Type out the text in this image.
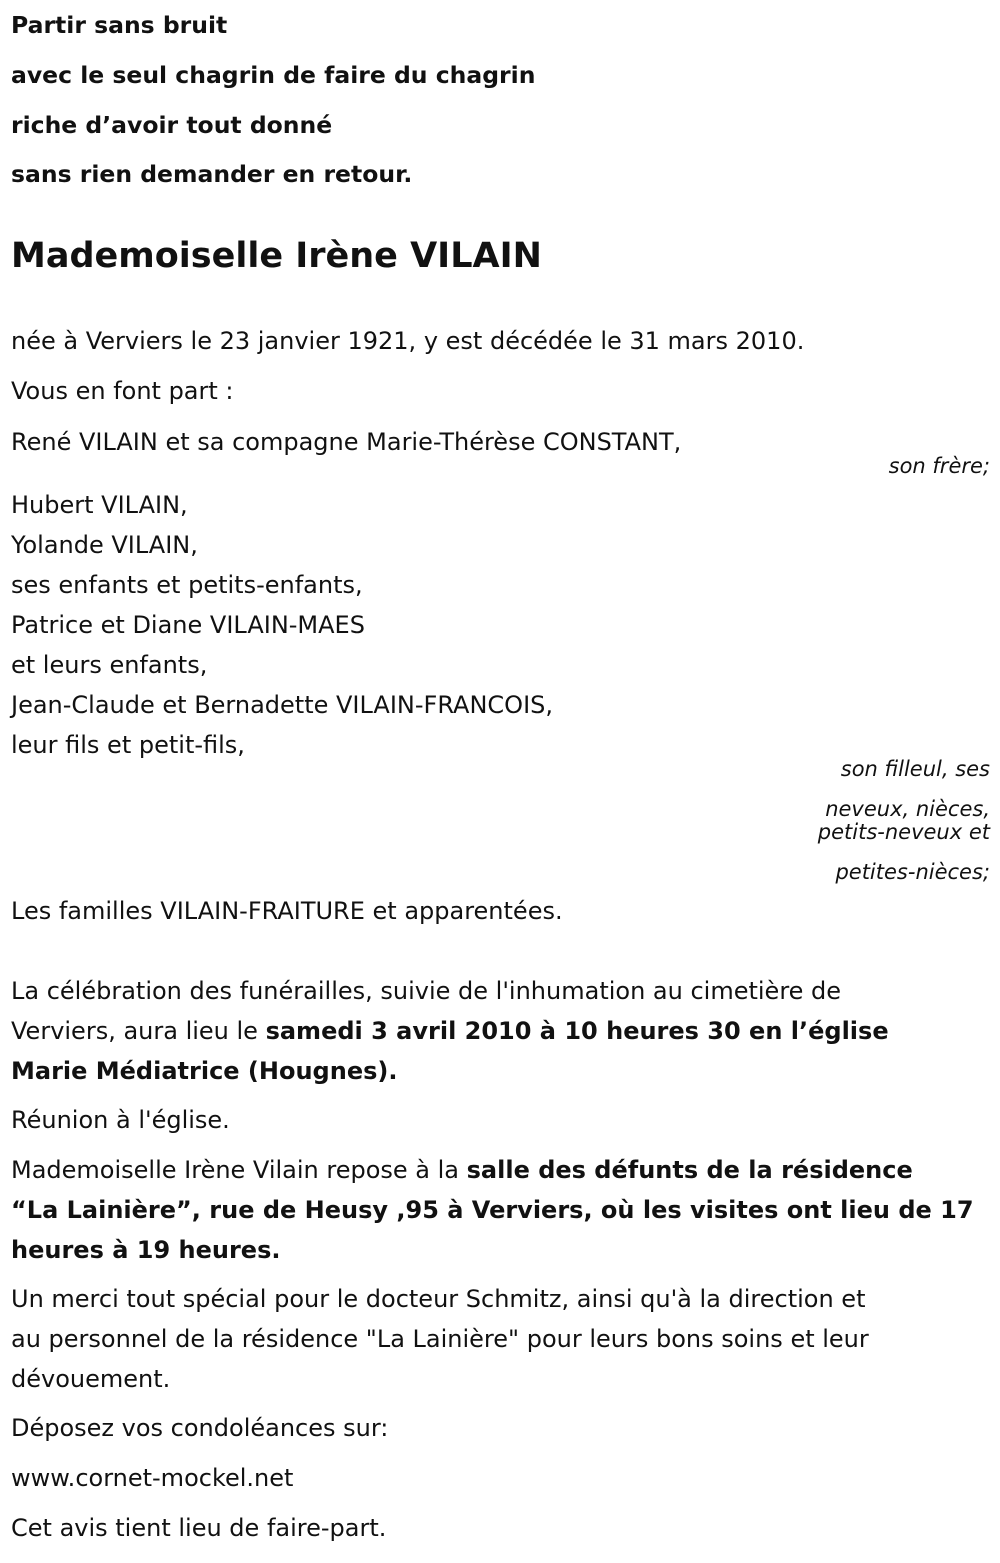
Partir sans bruit
avec le seul chagrin de faire du chagrin
riche d’avoir tout donné
sans rien demander en retour.
Mademoiselle Irène VILAIN
née à Verviers le 23 janvier 1921, y est décédée le 31 mars 2010.
Vous en font part :
René VILAIN et sa compagne Marie-Thérèse CONSTANT,
son frère;
Hubert VILAIN,
Yolande VILAIN,
ses enfants et petits-enfants,
Patrice et Diane VILAIN-MAES
et leurs enfants,
Jean-Claude et Bernadette VILAIN-FRANCOIS,
leur fils et petit-fils,
son filleul, ses
neveux, nièces,
petits-neveux et
petites-nièces;
Les familles VILAIN-FRAITURE et apparentées.
La célébration des funérailles, suivie de l'inhumation au cimetière de
Verviers, aura lieu le samedi 3 avril 2010 à 10 heures 30 en l’église
Marie Médiatrice (Hougnes).
Réunion à l'église.
Mademoiselle Irène Vilain repose à la salle des défunts de la résidence
“La Lainière”, rue de Heusy ,95 à Verviers, où les visites ont lieu de 17
heures à 19 heures.
Un merci tout spécial pour le docteur Schmitz, ainsi qu'à la direction et
au personnel de la résidence "La Lainière" pour leurs bons soins et leur
dévouement.
Déposez vos condoléances sur:
www.cornet-mockel.net
Cet avis tient lieu de faire-part.
